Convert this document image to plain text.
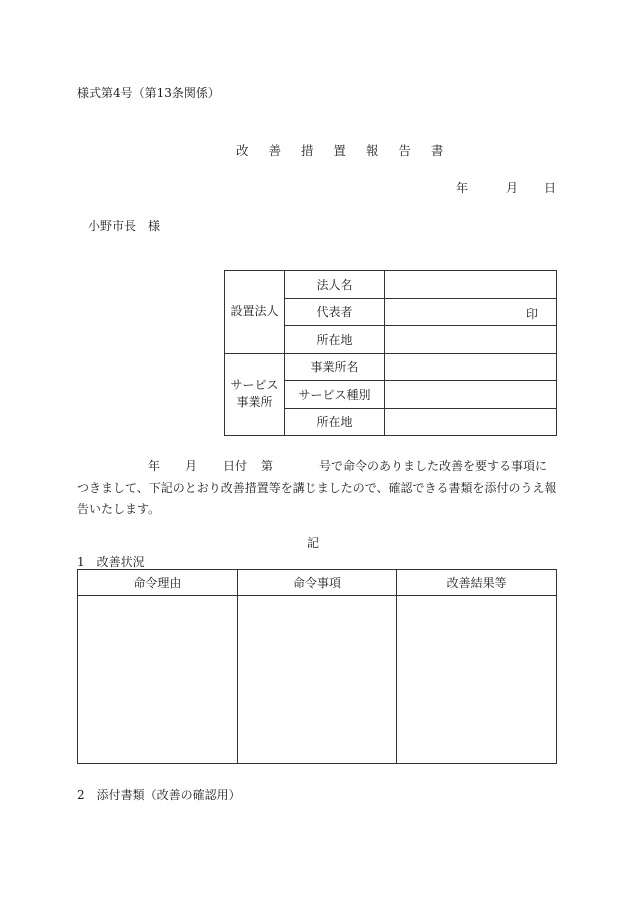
様式第4号（第13条関係）
改 善 措 置 報 告 書
年	月 日
小野市長　様
設置法人	法人名	
	代表者	印

	所在地	

サービス
事業所	事業所名	
	サービス種別	
	所在地	
年 月 日付 第	号で命令のありました改善を要する事項に
つきまして、下記のとおり改善措置等を講じましたので、確認できる書類を添付のうえ報
告いたします。
記
1　改善状況
命令理由	命令事項	改善結果等

2　添付書類（改善の確認用）
